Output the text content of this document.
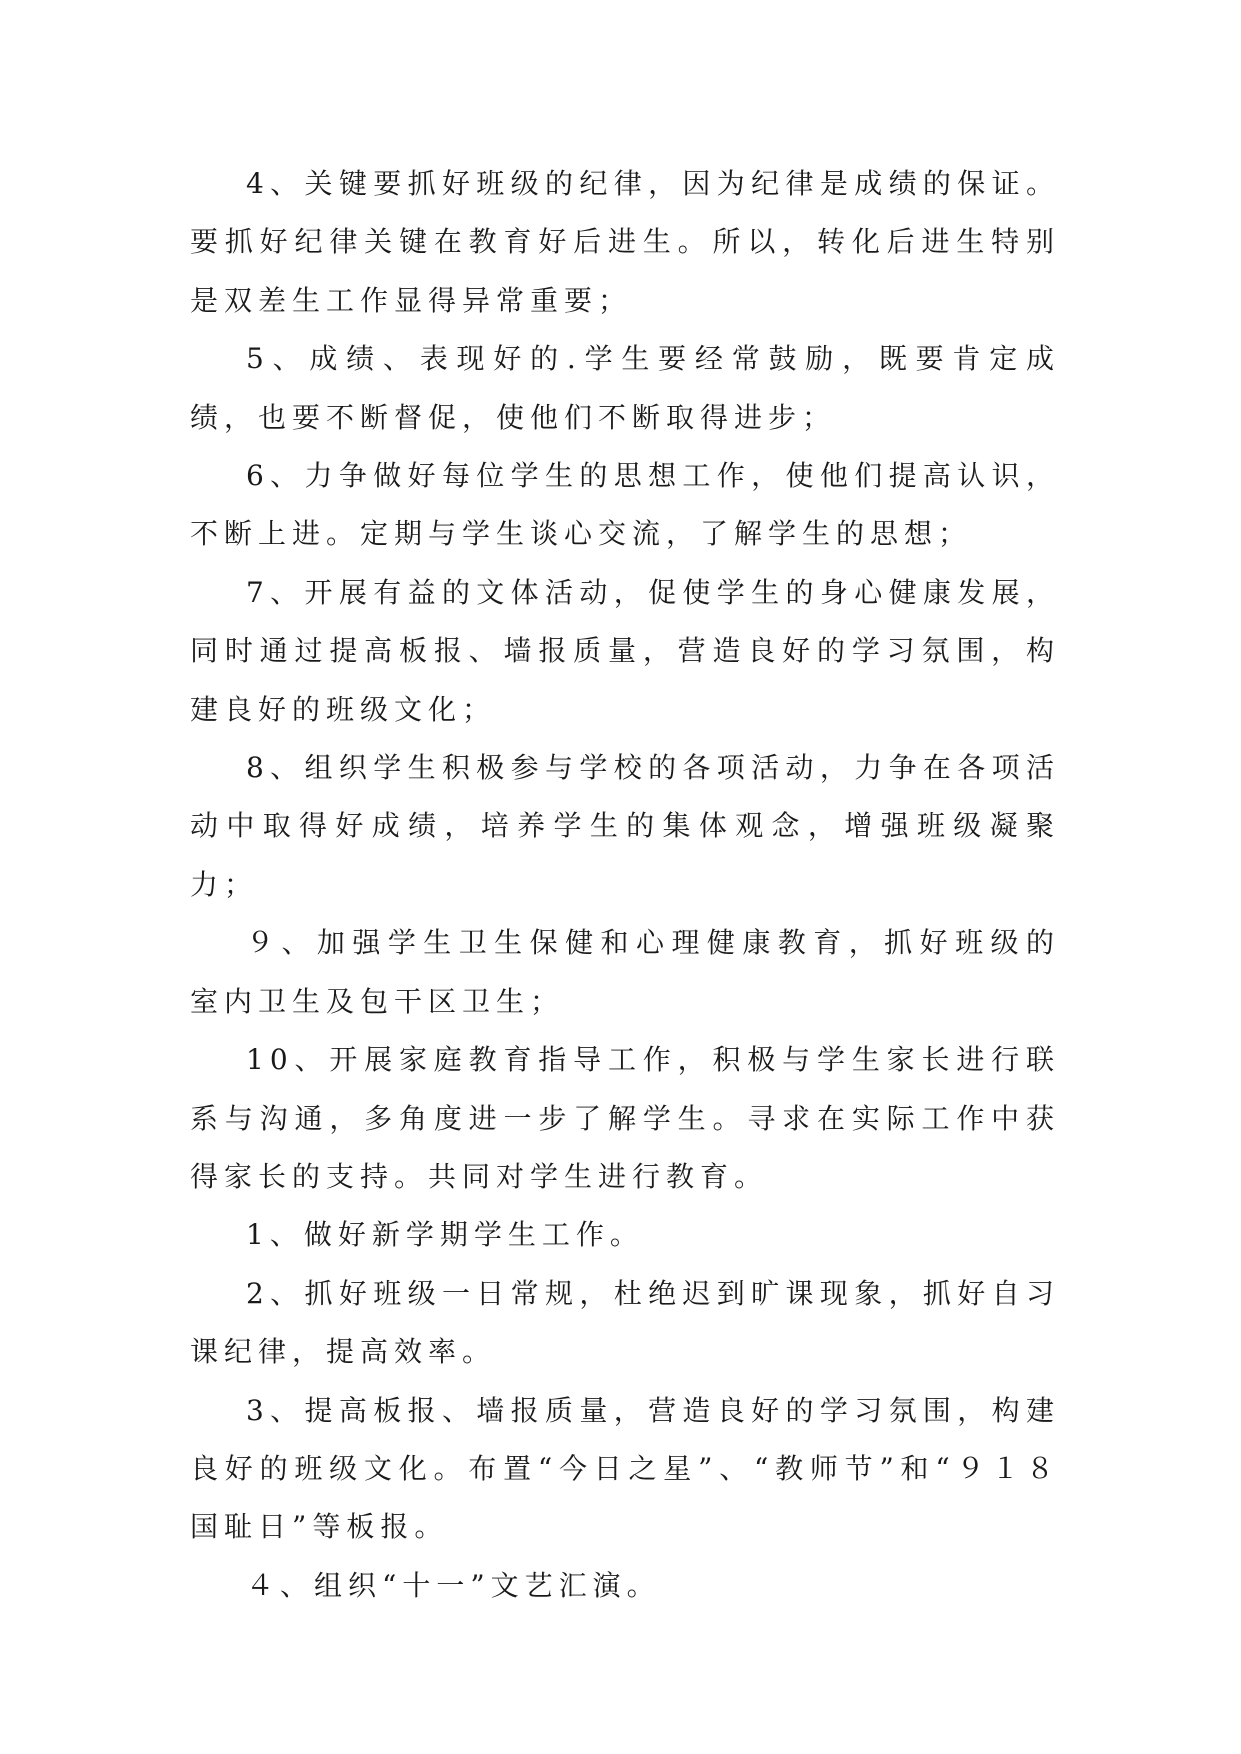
4、关键要抓好班级的纪律，因为纪律是成绩的保证。要抓好纪律关键在教育好后进生。所以，转化后进生特别是双差生工作显得异常重要；

5、成绩、表现好的.学生要经常鼓励，既要肯定成绩，也要不断督促，使他们不断取得进步；

6、力争做好每位学生的思想工作，使他们提高认识，不断上进。定期与学生谈心交流，了解学生的思想；

7、开展有益的文体活动，促使学生的身心健康发展，同时通过提高板报、墙报质量，营造良好的学习氛围，构建良好的班级文化；

8、组织学生积极参与学校的各项活动，力争在各项活动中取得好成绩，培养学生的集体观念，增强班级凝聚力；

９、加强学生卫生保健和心理健康教育，抓好班级的室内卫生及包干区卫生；

10、开展家庭教育指导工作，积极与学生家长进行联系与沟通，多角度进一步了解学生。寻求在实际工作中获得家长的支持。共同对学生进行教育。

1、做好新学期学生工作。

2、抓好班级一日常规，杜绝迟到旷课现象，抓好自习课纪律，提高效率。

3、提高板报、墙报质量，营造良好的学习氛围，构建良好的班级文化。布置“今日之星”、“教师节”和“９１８国耻日”等板报。

４、组织“十一”文艺汇演。
